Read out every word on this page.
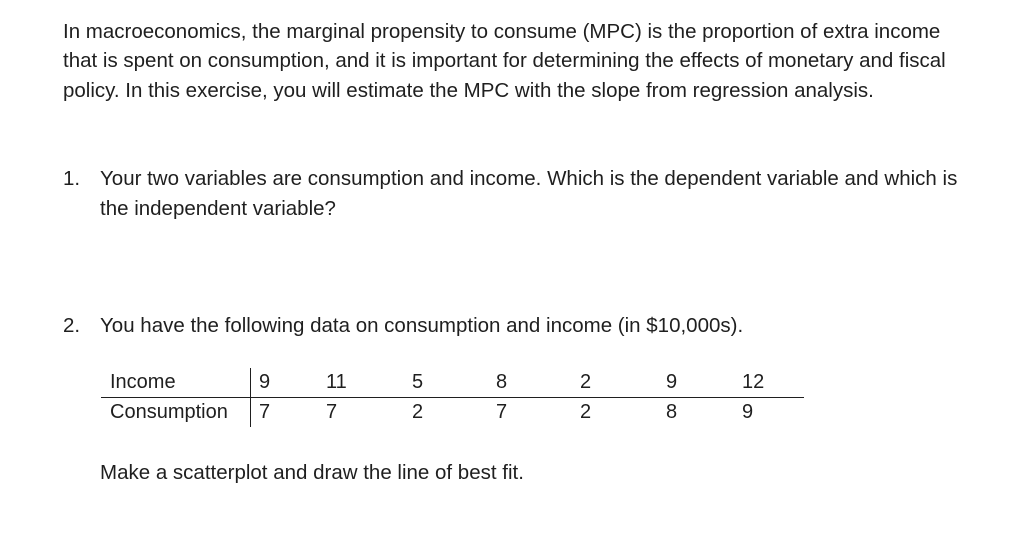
In macroeconomics, the marginal propensity to consume (MPC) is the proportion of extra income that is spent on consumption, and it is important for determining the effects of monetary and fiscal policy. In this exercise, you will estimate the MPC with the slope from regression analysis.

1. Your two variables are consumption and income. Which is the dependent variable and which is the independent variable?
2. You have the following data on consumption and income (in $10,000s).
Income	9	11	5	8	2	9	12
Consumption	7	7	2	7	2	8	9
Make a scatterplot and draw the line of best fit.
